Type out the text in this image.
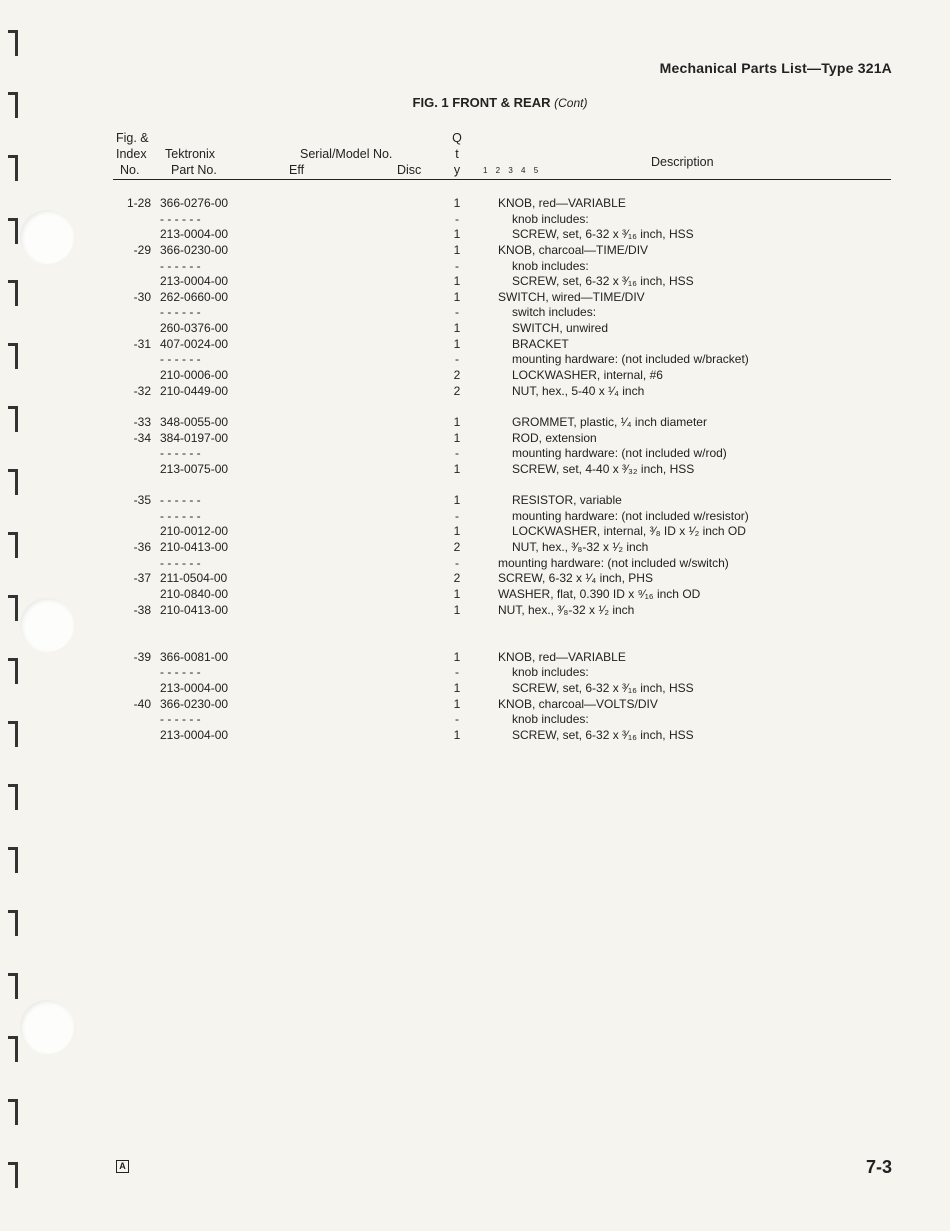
Mechanical Parts List—Type 321A
FIG. 1 FRONT & REAR (Cont)
Fig. &
Index
No.
Tektronix
Part No.
Serial/Model No.
Eff	Disc
Q
t
y	1 2 3 4 5
Description
1-28 366-0276-00	1	KNOB, red—VARIABLE
- - - - - -	-	knob includes:
213-0004-00	1	SCREW, set, 6-32 x ³⁄₁₆ inch, HSS
-29 366-0230-00	1	KNOB, charcoal—TIME/DIV
- - - - - -	-	knob includes:
213-0004-00	1	SCREW, set, 6-32 x ³⁄₁₆ inch, HSS
-30 262-0660-00	1	SWITCH, wired—TIME/DIV
- - - - - -	-	switch includes:
260-0376-00	1	SWITCH, unwired
-31 407-0024-00	1	BRACKET
- - - - - -	-	mounting hardware: (not included w/bracket)
210-0006-00	2	LOCKWASHER, internal, #6
-32 210-0449-00	2	NUT, hex., 5-40 x ¹⁄₄ inch
-33 348-0055-00	1	GROMMET, plastic, ¹⁄₄ inch diameter
-34 384-0197-00	1	ROD, extension
- - - - - -	-	mounting hardware: (not included w/rod)
213-0075-00	1	SCREW, set, 4-40 x ³⁄₃₂ inch, HSS
-35 - - - - - -	1	RESISTOR, variable
- - - - - -	-	mounting hardware: (not included w/resistor)
210-0012-00	1	LOCKWASHER, internal, ³⁄₈ ID x ¹⁄₂ inch OD
-36 210-0413-00	2	NUT, hex., ³⁄₈-32 x ¹⁄₂ inch
- - - - - -	-	mounting hardware: (not included w/switch)
-37 211-0504-00	2	SCREW, 6-32 x ¹⁄₄ inch, PHS
210-0840-00	1	WASHER, flat, 0.390 ID x ⁹⁄₁₆ inch OD
-38 210-0413-00	1	NUT, hex., ³⁄₈-32 x ¹⁄₂ inch
-39 366-0081-00	1	KNOB, red—VARIABLE
- - - - - -	-	knob includes:
213-0004-00	1	SCREW, set, 6-32 x ³⁄₁₆ inch, HSS
-40 366-0230-00	1	KNOB, charcoal—VOLTS/DIV
- - - - - -	-	knob includes:
213-0004-00	1	SCREW, set, 6-32 x ³⁄₁₆ inch, HSS
A	7-3
